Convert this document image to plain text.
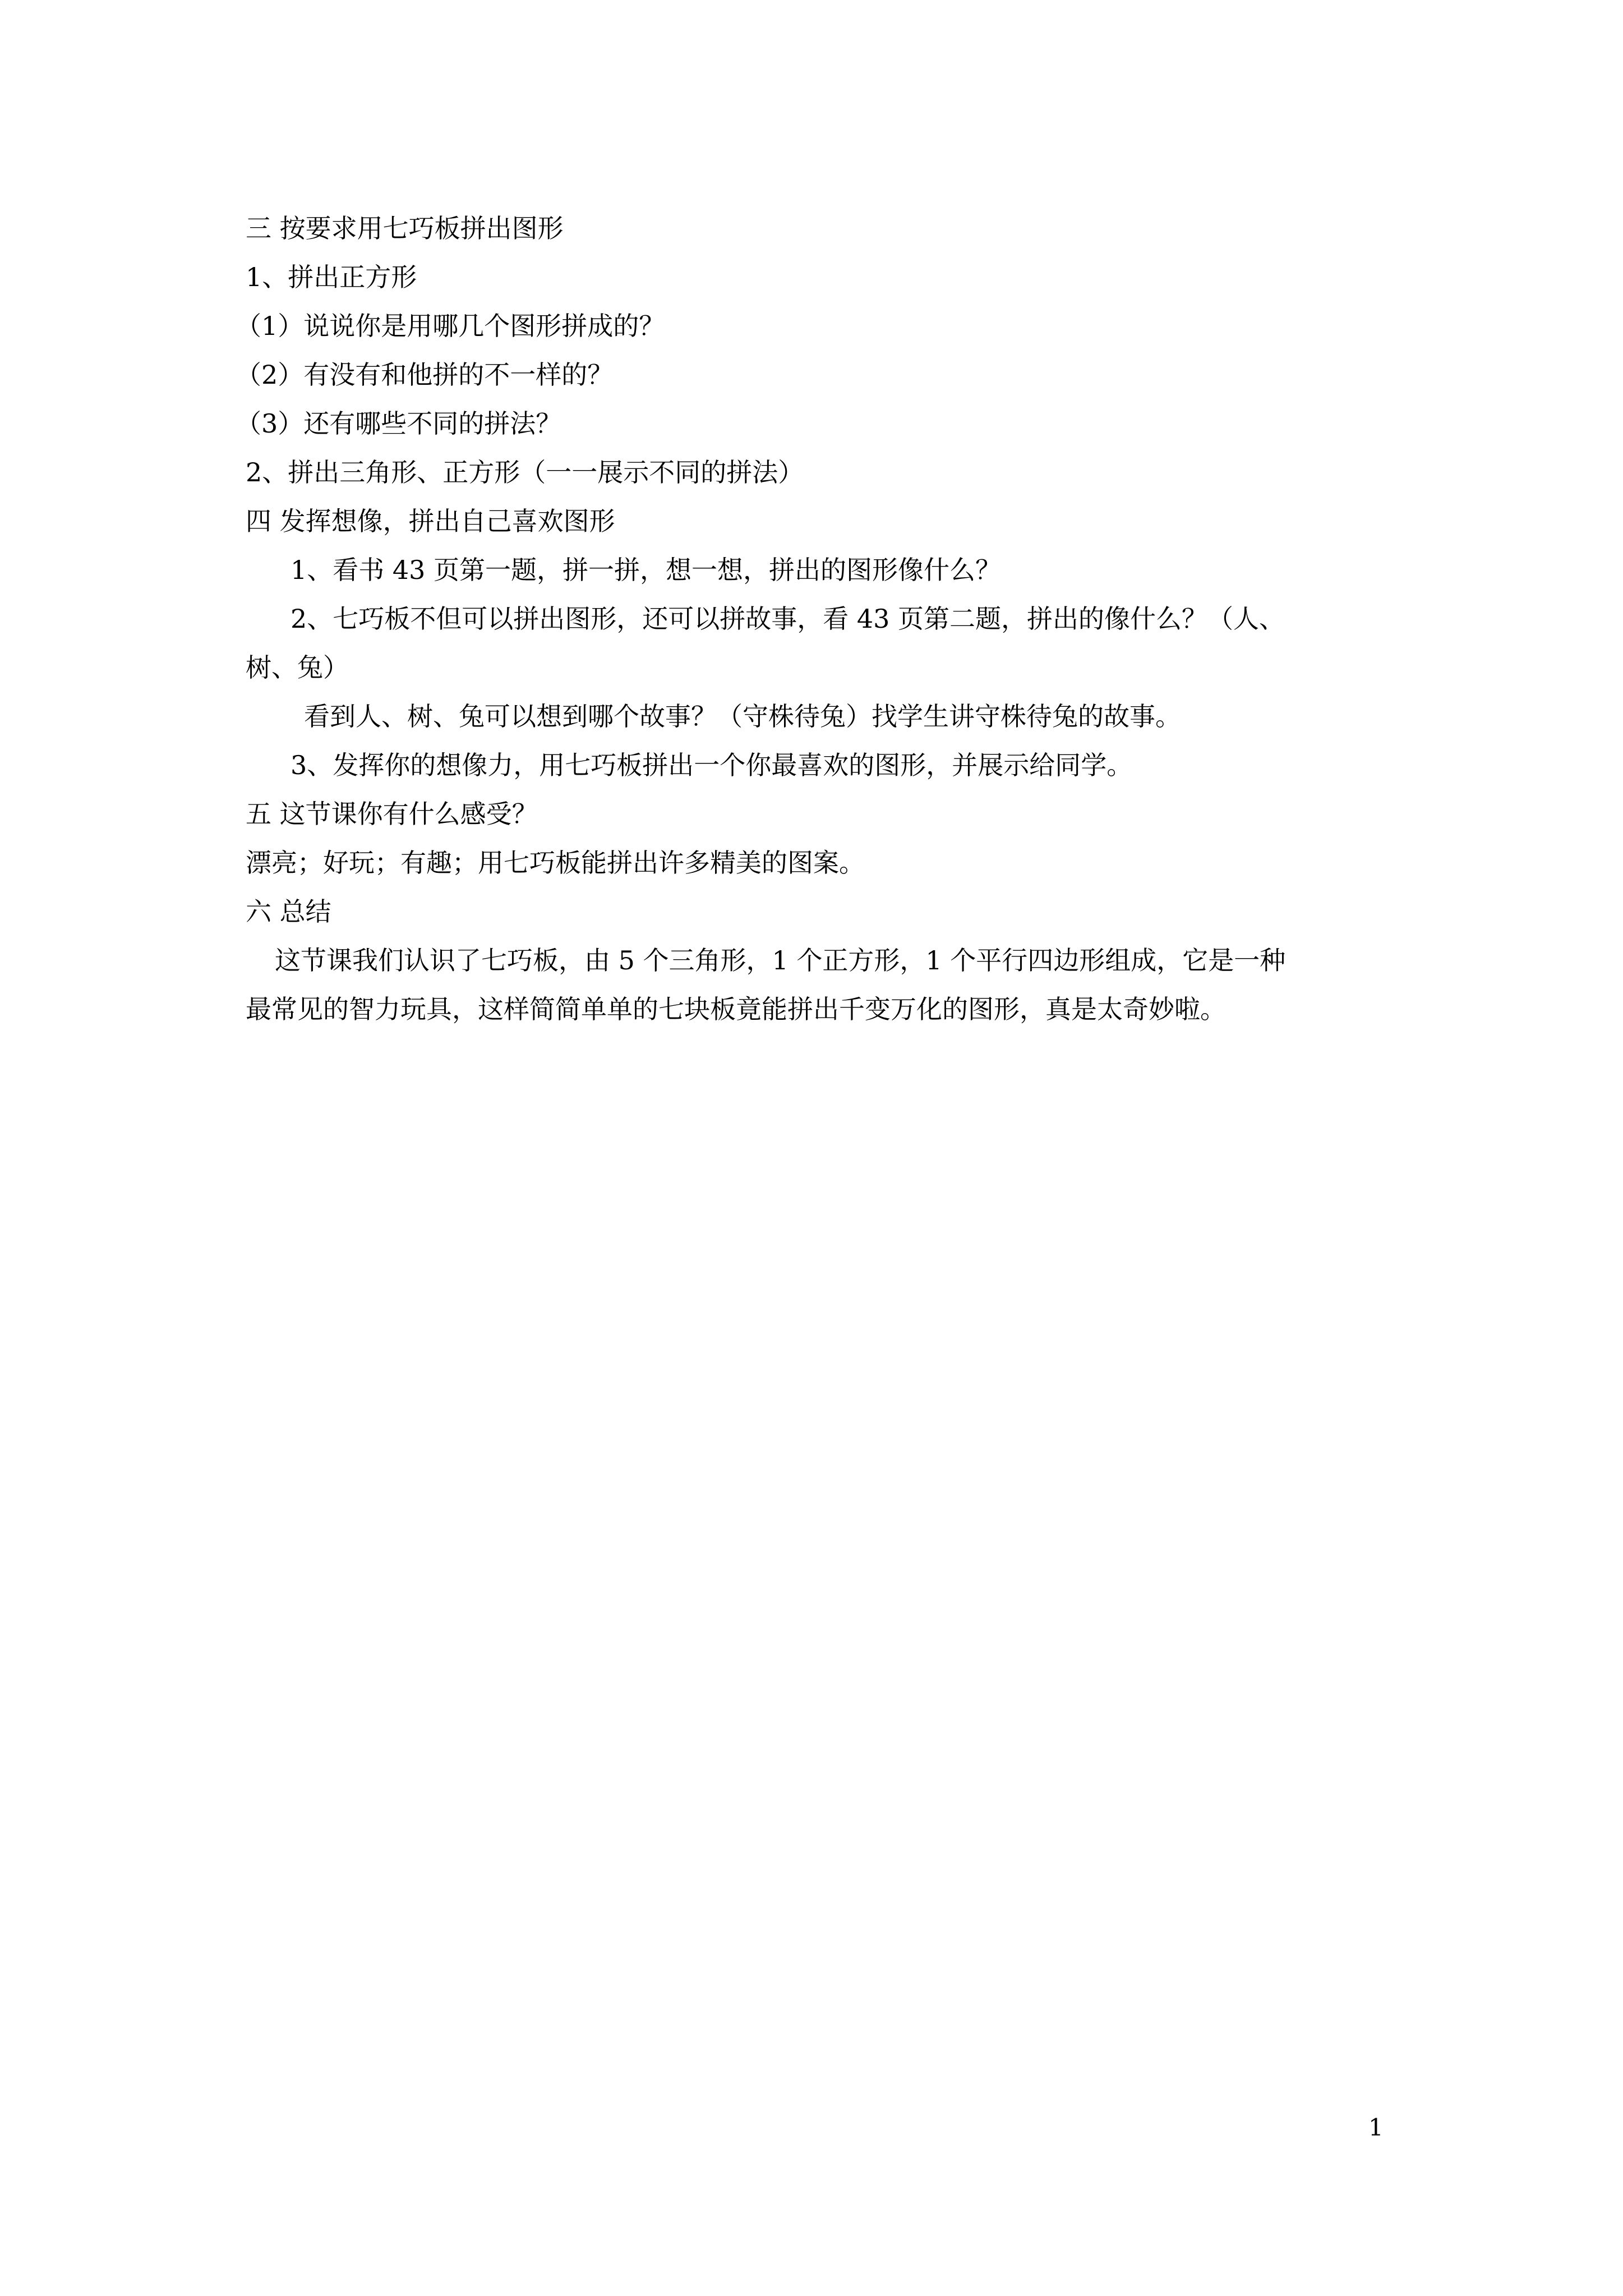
三 按要求用七巧板拼出图形
1、拼出正方形
（1）说说你是用哪几个图形拼成的？
（2）有没有和他拼的不一样的？
（3）还有哪些不同的拼法？
2、拼出三角形、正方形（一一展示不同的拼法）
四 发挥想像，拼出自己喜欢图形
1、看书 43 页第一题，拼一拼，想一想，拼出的图形像什么？
2、七巧板不但可以拼出图形，还可以拼故事，看 43 页第二题，拼出的像什么？（人、
树、兔）
看到人、树、兔可以想到哪个故事？（守株待兔）找学生讲守株待兔的故事。
3、发挥你的想像力，用七巧板拼出一个你最喜欢的图形，并展示给同学。
五 这节课你有什么感受？
漂亮；好玩；有趣；用七巧板能拼出许多精美的图案。
六 总结
这节课我们认识了七巧板，由 5 个三角形，1 个正方形，1 个平行四边形组成，它是一种
最常见的智力玩具，这样简简单单的七块板竟能拼出千变万化的图形，真是太奇妙啦。
1
